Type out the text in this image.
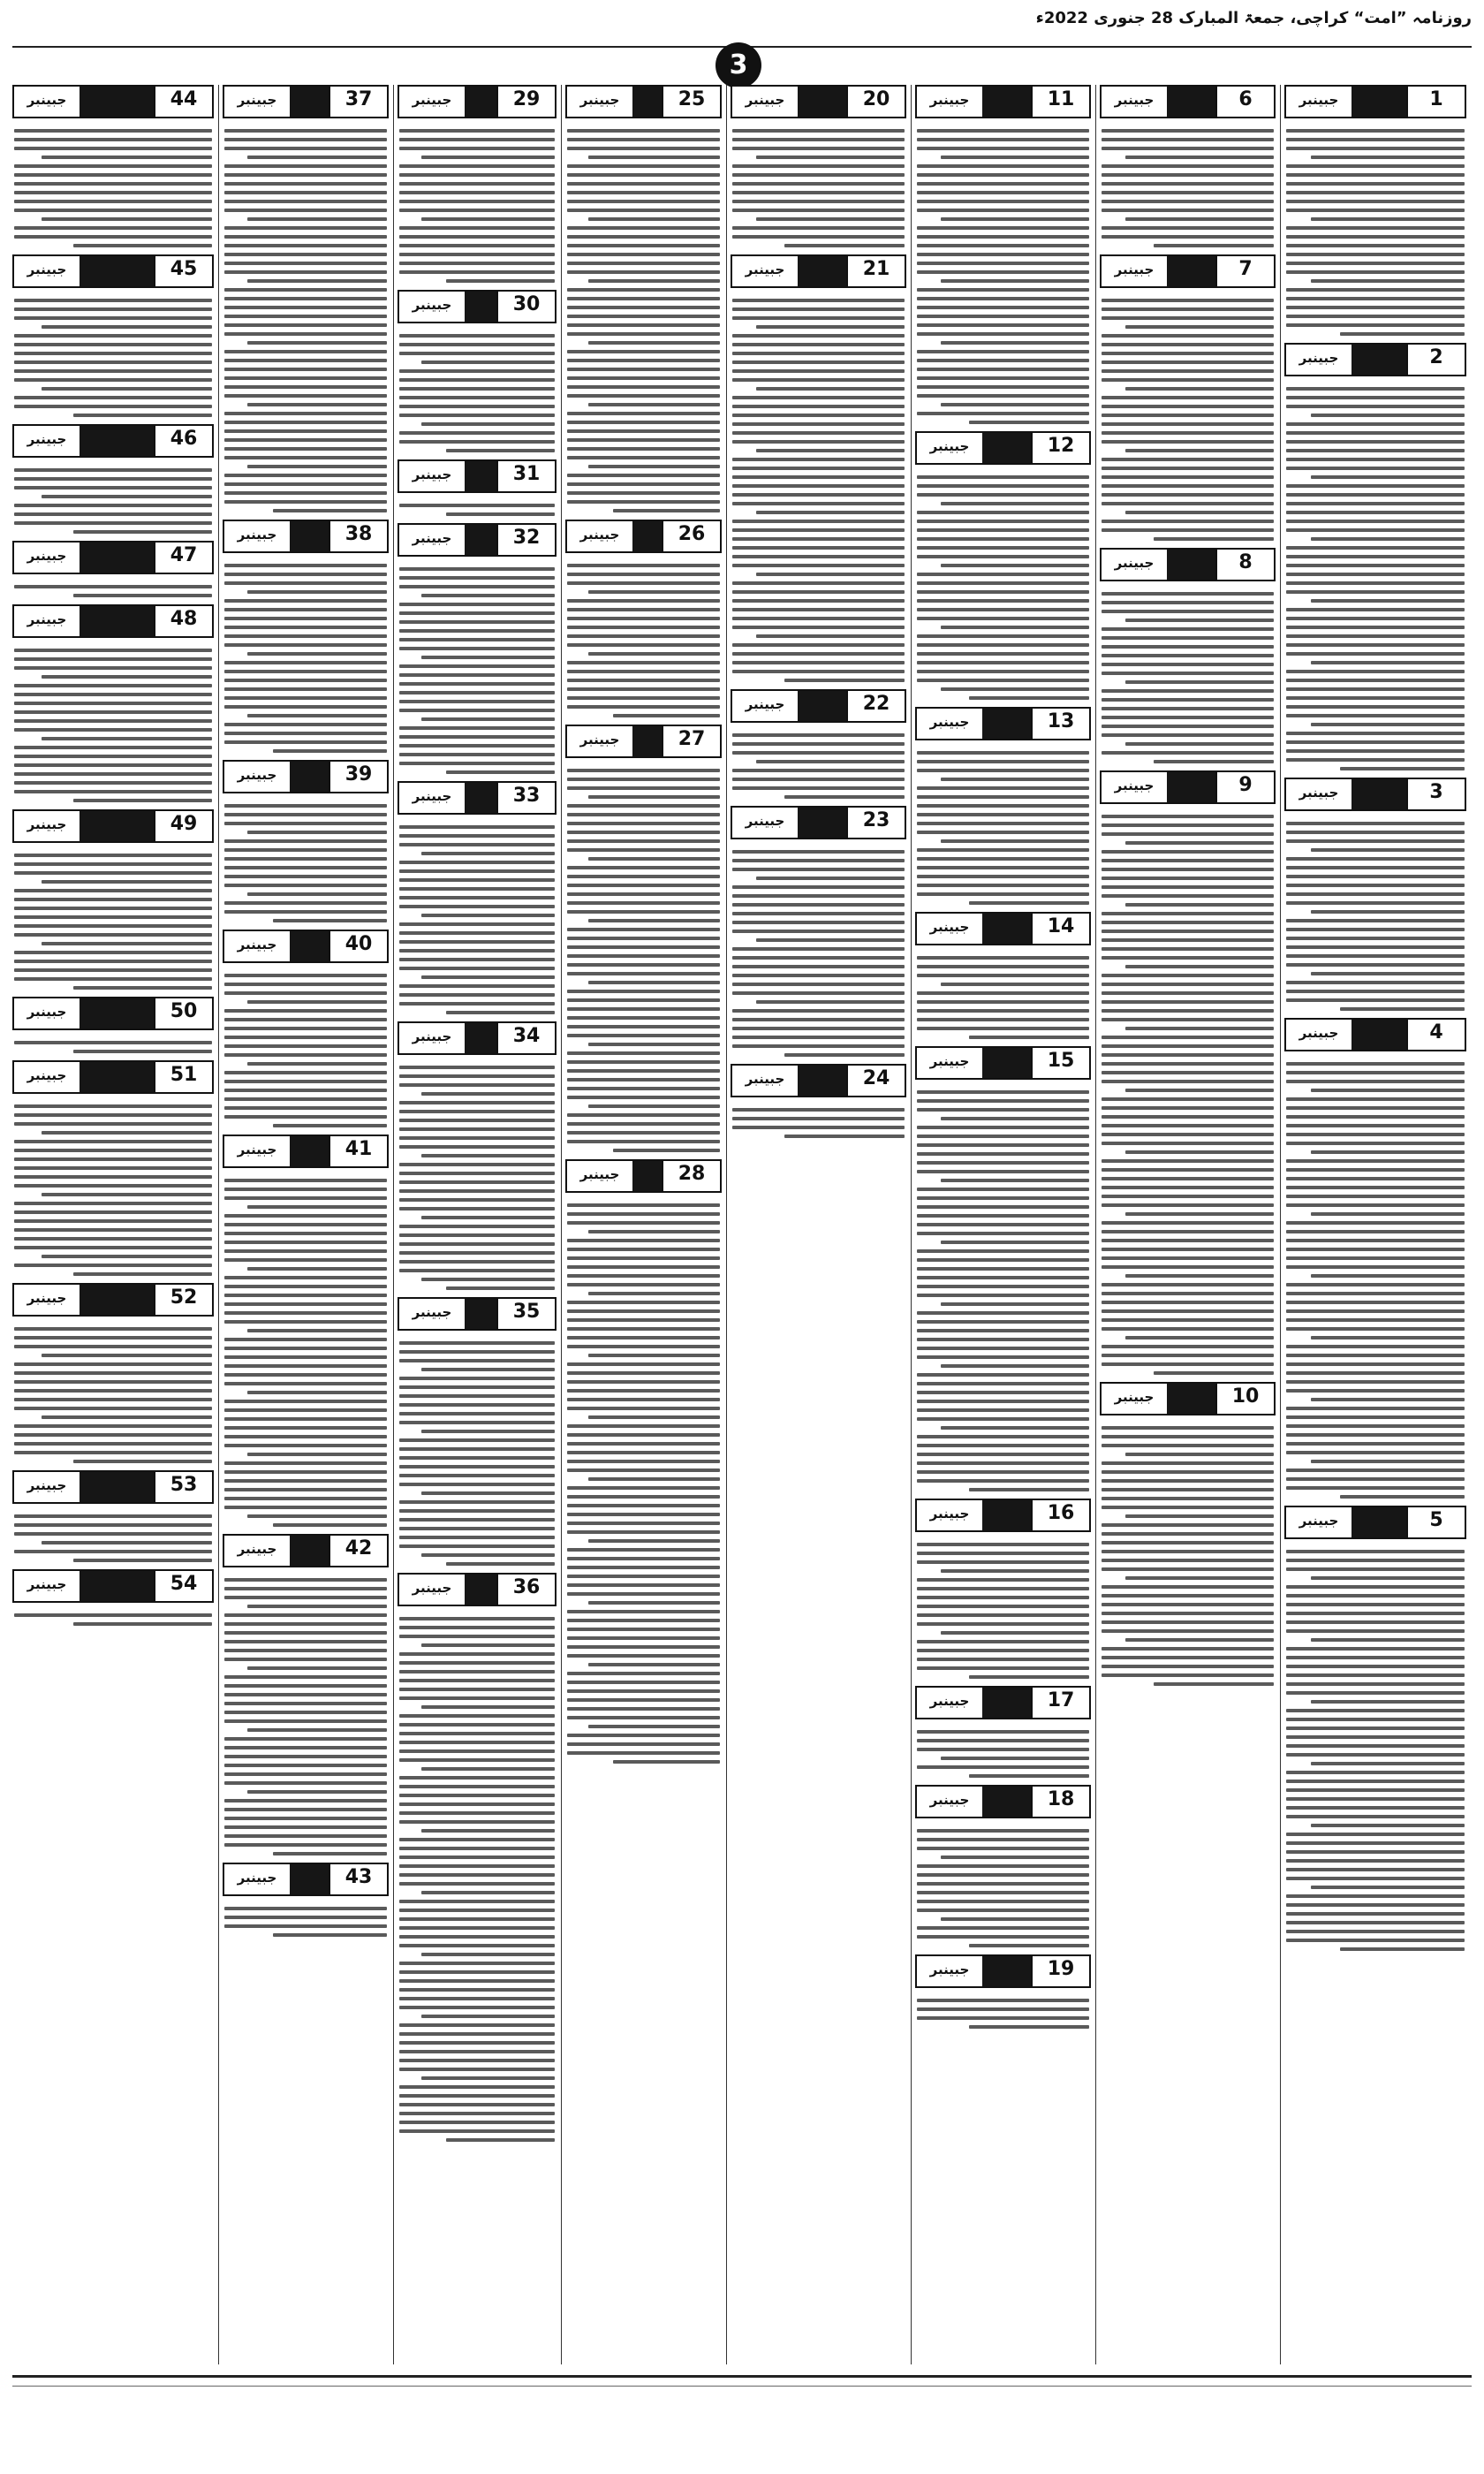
روزنامہ ”امت“ کراچی، جمعۃ المبارک 28 جنوری 2022ء
3
1
جبینبر
2
جبینبر
3
جبینبر
4
جبینبر
5
جبینبر
6
جبینبر
7
جبینبر
8
جبینبر
9
جبینبر
10
جبینبر
11
جبینبر
12
جبینبر
13
جبینبر
14
جبینبر
15
جبینبر
16
جبینبر
17
جبینبر
18
جبینبر
19
جبینبر
20
جبینبر
21
جبینبر
22
جبینبر
23
جبینبر
24
جبینبر
25
جبینبر
26
جبینبر
27
جبینبر
28
جبینبر
29
جبینبر
30
جبینبر
31
جبینبر
32
جبینبر
33
جبینبر
34
جبینبر
35
جبینبر
36
جبینبر
37
جبینبر
38
جبینبر
39
جبینبر
40
جبینبر
41
جبینبر
42
جبینبر
43
جبینبر
44
جبینبر
45
جبینبر
46
جبینبر
47
جبینبر
48
جبینبر
49
جبینبر
50
جبینبر
51
جبینبر
52
جبینبر
53
جبینبر
54
جبینبر
